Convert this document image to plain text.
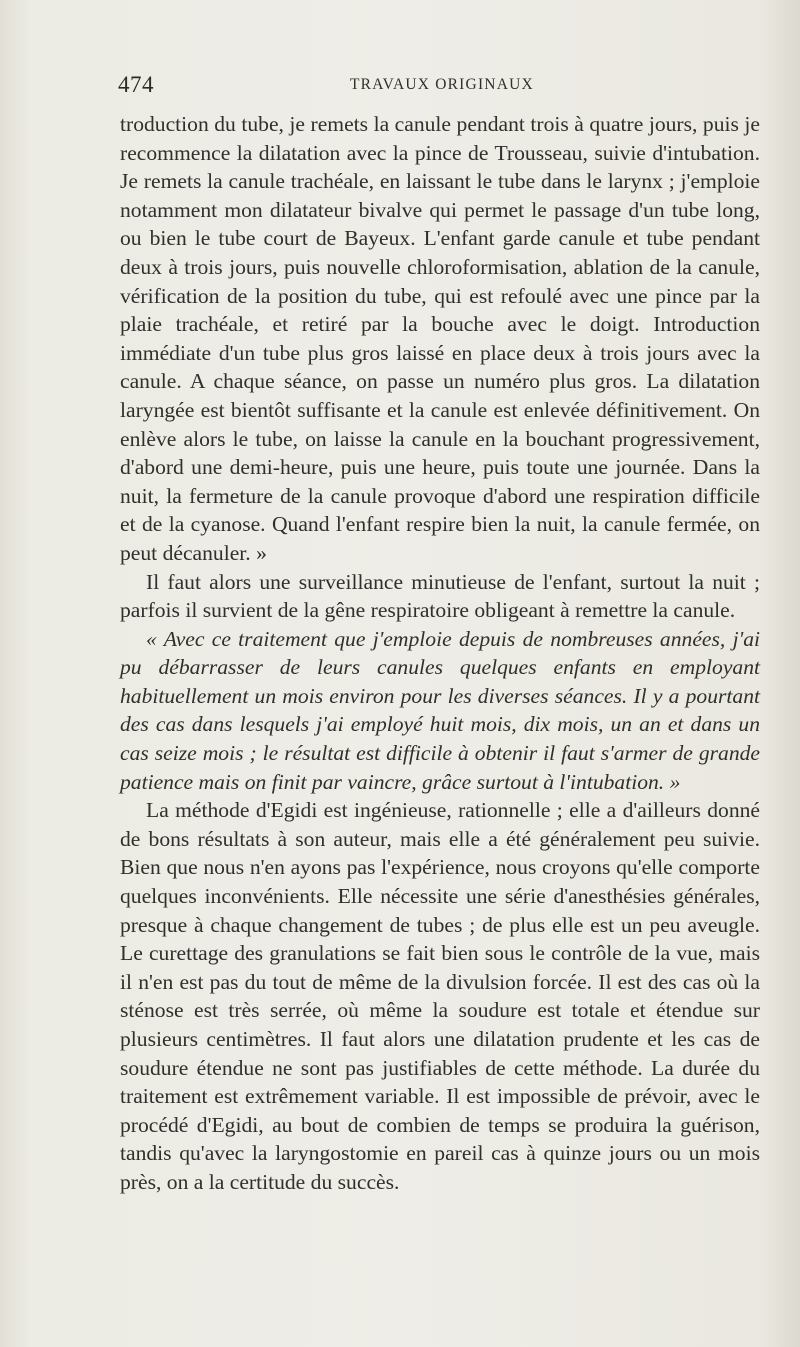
474	TRAVAUX ORIGINAUX

troduction du tube, je remets la canule pendant trois à quatre jours, puis je recommence la dilatation avec la pince de Trousseau, suivie d'intubation. Je remets la canule trachéale, en laissant le tube dans le larynx ; j'emploie notamment mon dilatateur bivalve qui permet le passage d'un tube long, ou bien le tube court de Bayeux. L'enfant garde canule et tube pendant deux à trois jours, puis nouvelle chloroformisation, ablation de la canule, vérification de la position du tube, qui est refoulé avec une pince par la plaie trachéale, et retiré par la bouche avec le doigt. Introduction immédiate d'un tube plus gros laissé en place deux à trois jours avec la canule. A chaque séance, on passe un numéro plus gros. La dilatation laryngée est bientôt suffisante et la canule est enlevée définitivement. On enlève alors le tube, on laisse la canule en la bouchant progressivement, d'abord une demi-heure, puis une heure, puis toute une journée. Dans la nuit, la fermeture de la canule provoque d'abord une respiration difficile et de la cyanose. Quand l'enfant respire bien la nuit, la canule fermée, on peut décanuler. »

Il faut alors une surveillance minutieuse de l'enfant, surtout la nuit ; parfois il survient de la gêne respiratoire obligeant à remettre la canule.

« Avec ce traitement que j'emploie depuis de nombreuses années, j'ai pu débarrasser de leurs canules quelques enfants en employant habituellement un mois environ pour les diverses séances. Il y a pourtant des cas dans lesquels j'ai employé huit mois, dix mois, un an et dans un cas seize mois ; le résultat est difficile à obtenir il faut s'armer de grande patience mais on finit par vaincre, grâce surtout à l'intubation. »

La méthode d'Egidi est ingénieuse, rationnelle ; elle a d'ailleurs donné de bons résultats à son auteur, mais elle a été généralement peu suivie. Bien que nous n'en ayons pas l'expérience, nous croyons qu'elle comporte quelques inconvénients. Elle nécessite une série d'anesthésies générales, presque à chaque changement de tubes ; de plus elle est un peu aveugle. Le curettage des granulations se fait bien sous le contrôle de la vue, mais il n'en est pas du tout de même de la divulsion forcée. Il est des cas où la sténose est très serrée, où même la soudure est totale et étendue sur plusieurs centimètres. Il faut alors une dilatation prudente et les cas de soudure étendue ne sont pas justifiables de cette méthode. La durée du traitement est extrêmement variable. Il est impossible de prévoir, avec le procédé d'Egidi, au bout de combien de temps se produira la guérison, tandis qu'avec la laryngostomie en pareil cas à quinze jours ou un mois près, on a la certitude du succès.
